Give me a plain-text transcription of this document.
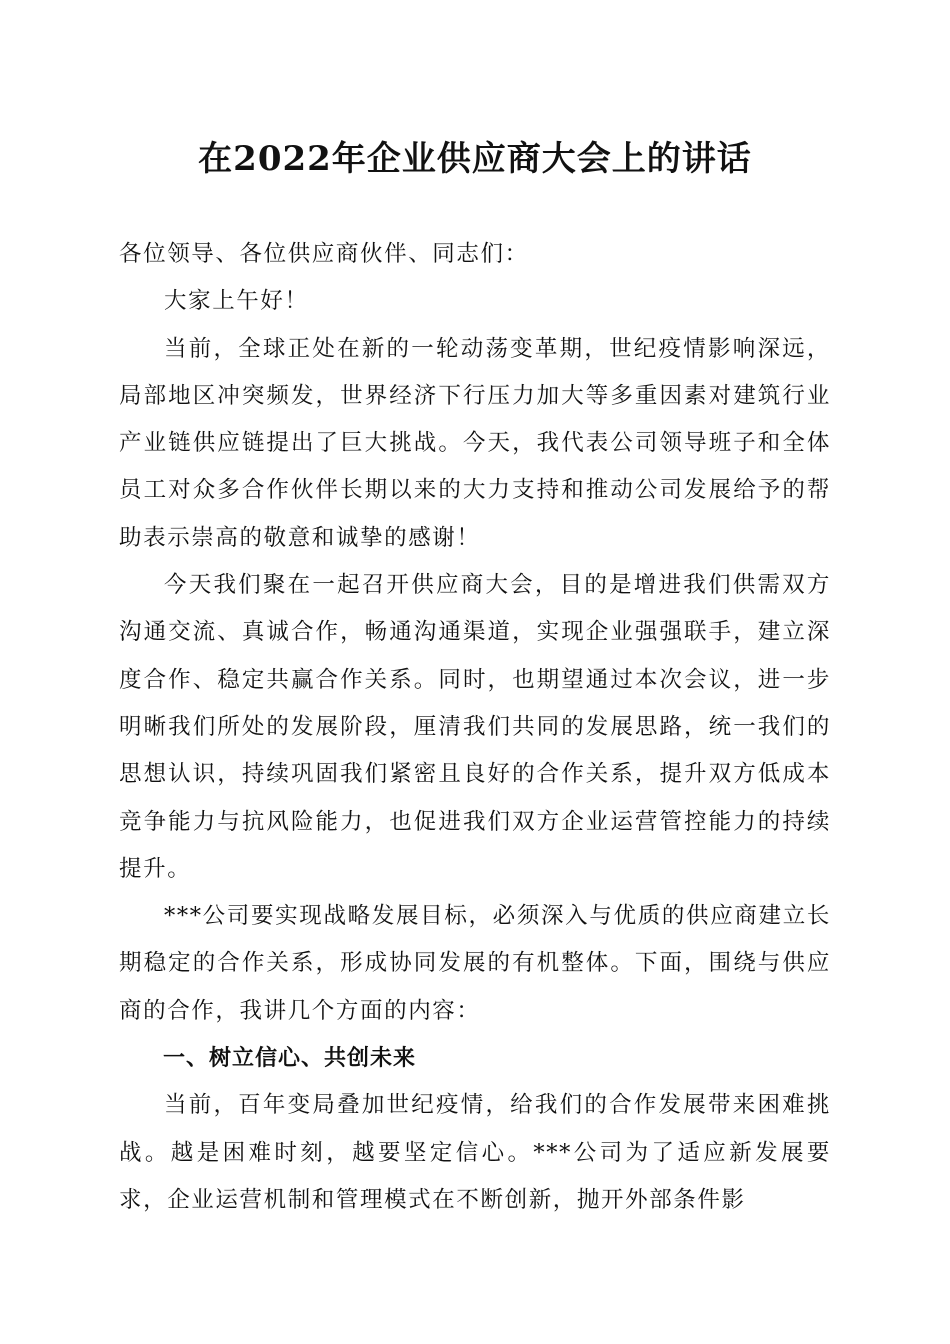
在2022年企业供应商大会上的讲话

各位领导、各位供应商伙伴、同志们：

大家上午好！

当前，全球正处在新的一轮动荡变革期，世纪疫情影响深远，局部地区冲突频发，世界经济下行压力加大等多重因素对建筑行业产业链供应链提出了巨大挑战。今天，我代表公司领导班子和全体员工对众多合作伙伴长期以来的大力支持和推动公司发展给予的帮助表示崇高的敬意和诚挚的感谢！

今天我们聚在一起召开供应商大会，目的是增进我们供需双方沟通交流、真诚合作，畅通沟通渠道，实现企业强强联手，建立深度合作、稳定共赢合作关系。同时，也期望通过本次会议，进一步明晰我们所处的发展阶段，厘清我们共同的发展思路，统一我们的思想认识，持续巩固我们紧密且良好的合作关系，提升双方低成本竞争能力与抗风险能力，也促进我们双方企业运营管控能力的持续提升。

***公司要实现战略发展目标，必须深入与优质的供应商建立长期稳定的合作关系，形成协同发展的有机整体。下面，围绕与供应商的合作，我讲几个方面的内容：

一、树立信心、共创未来

当前，百年变局叠加世纪疫情，给我们的合作发展带来困难挑战。越是困难时刻，越要坚定信心。***公司为了适应新发展要求，企业运营机制和管理模式在不断创新，抛开外部条件影
